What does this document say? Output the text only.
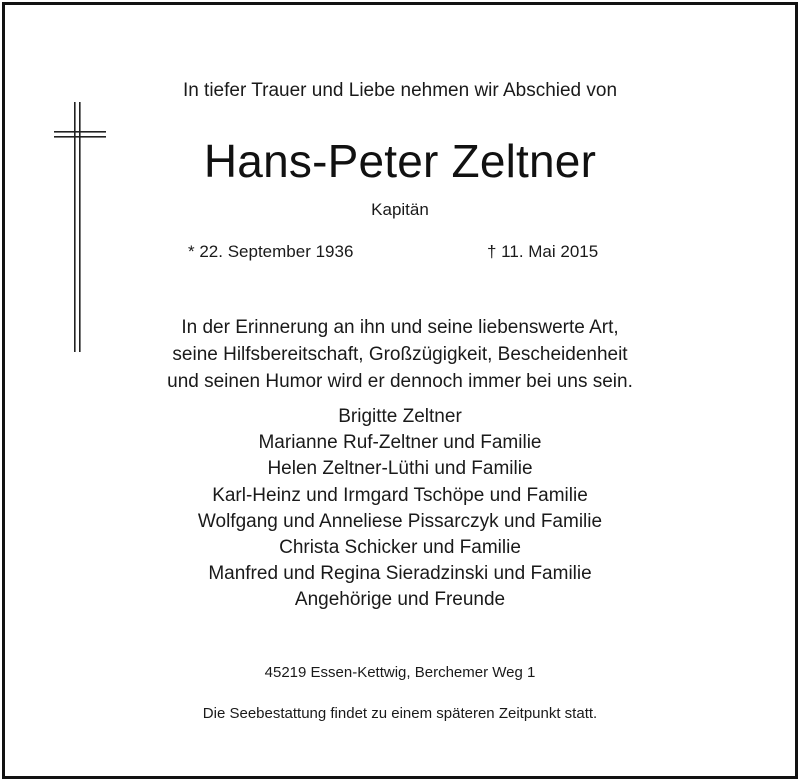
In tiefer Trauer und Liebe nehmen wir Abschied von
Hans-Peter Zeltner
Kapitän
* 22. September 1936	† 11. Mai 2015
In der Erinnerung an ihn und seine liebenswerte Art,
seine Hilfsbereitschaft, Großzügigkeit, Bescheidenheit
und seinen Humor wird er dennoch immer bei uns sein.
Brigitte Zeltner
Marianne Ruf-Zeltner und Familie
Helen Zeltner-Lüthi und Familie
Karl-Heinz und Irmgard Tschöpe und Familie
Wolfgang und Anneliese Pissarczyk und Familie
Christa Schicker und Familie
Manfred und Regina Sieradzinski und Familie
Angehörige und Freunde
45219 Essen-Kettwig, Berchemer Weg 1
Die Seebestattung findet zu einem späteren Zeitpunkt statt.
